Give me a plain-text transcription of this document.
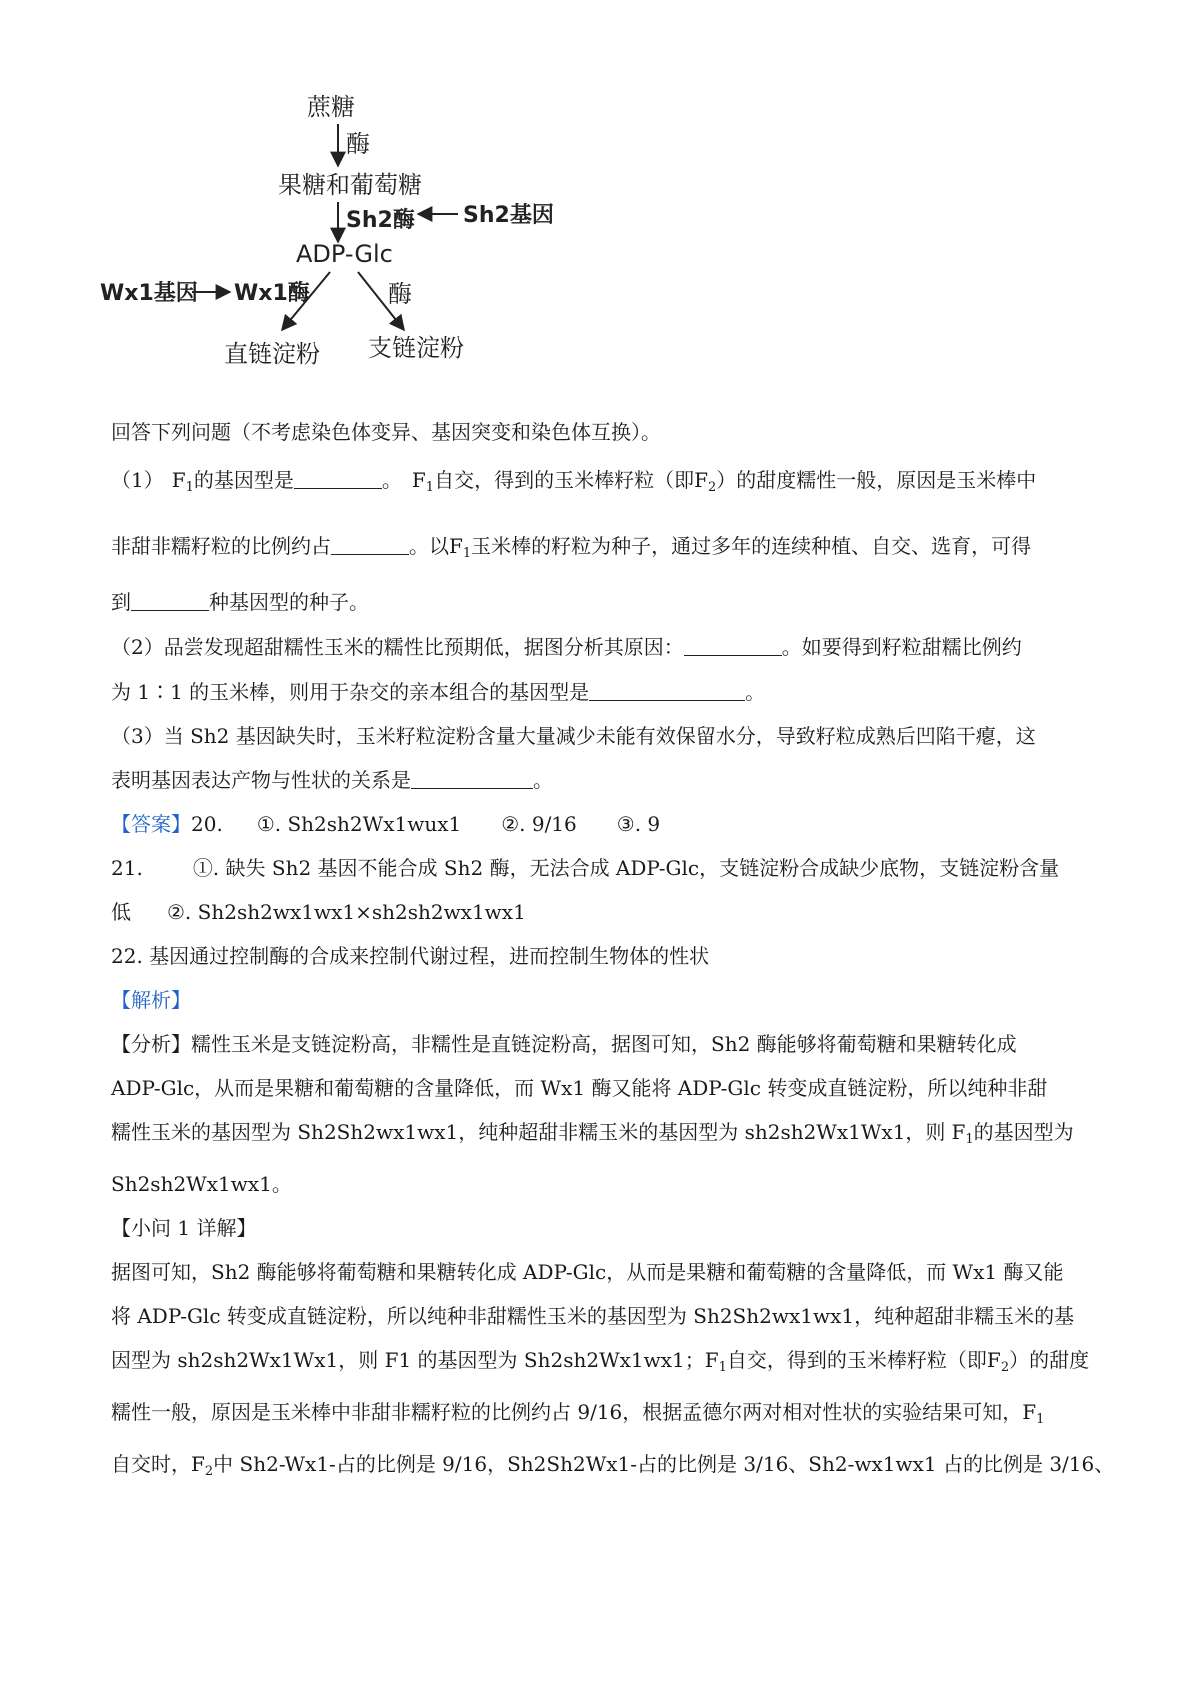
蔗糖
酶
果糖和葡萄糖
Sh2酶 Sh2基因
ADP-Glc
Wx1基因 Wx1酶	酶
直链淀粉 支链淀粉
回答下列问题（不考虑染色体变异、基因突变和染色体互换）。
（1） $F_1$的基因型是	。 $F_1$自交，得到的玉米棒籽粒（即$F_2$）的甜度糯性一般，原因是玉米棒中
非甜非糯籽粒的比例约占	。以$F_1$玉米棒的籽粒为种子，通过多年的连续种植、自交、选育，可得
到	种基因型的种子。
（2）品尝发现超甜糯性玉米的糯性比预期低，据图分析其原因：	。如要得到籽粒甜糯比例约
为 1∶1 的玉米棒，则用于杂交的亲本组合的基因型是	。
（3）当 Sh2 基因缺失时，玉米籽粒淀粉含量大量减少未能有效保留水分，导致籽粒成熟后凹陷干瘪，这
表明基因表达产物与性状的关系是	。
【答案】20. ①. Sh2sh2Wx1wux1 ②. 9/16 ③. 9
21.	①. 缺失 Sh2 基因不能合成 Sh2 酶，无法合成 ADP-Glc，支链淀粉合成缺少底物，支链淀粉含量
低 ②. Sh2sh2wx1wx1×sh2sh2wx1wx1
22. 基因通过控制酶的合成来控制代谢过程，进而控制生物体的性状
【解析】
【分析】糯性玉米是支链淀粉高，非糯性是直链淀粉高，据图可知，Sh2 酶能够将葡萄糖和果糖转化成
ADP-Glc，从而是果糖和葡萄糖的含量降低，而 Wx1 酶又能将 ADP-Glc 转变成直链淀粉，所以纯种非甜
糯性玉米的基因型为 Sh2Sh2wx1wx1，纯种超甜非糯玉米的基因型为 sh2sh2Wx1Wx1，则 $F_1$的基因型为
Sh2sh2Wx1wx1。
【小问 1 详解】
据图可知，Sh2 酶能够将葡萄糖和果糖转化成 ADP-Glc，从而是果糖和葡萄糖的含量降低，而 Wx1 酶又能
将 ADP-Glc 转变成直链淀粉，所以纯种非甜糯性玉米的基因型为 Sh2Sh2wx1wx1，纯种超甜非糯玉米的基
因型为 sh2sh2Wx1Wx1，则 F1 的基因型为 Sh2sh2Wx1wx1；$F_1$自交，得到的玉米棒籽粒（即$F_2$）的甜度
糯性一般，原因是玉米棒中非甜非糯籽粒的比例约占 9/16，根据孟德尔两对相对性状的实验结果可知，$F_1$
自交时，$F_2$中 Sh2-Wx1-占的比例是 9/16，Sh2Sh2Wx1-占的比例是 3/16、Sh2-wx1wx1 占的比例是 3/16、
